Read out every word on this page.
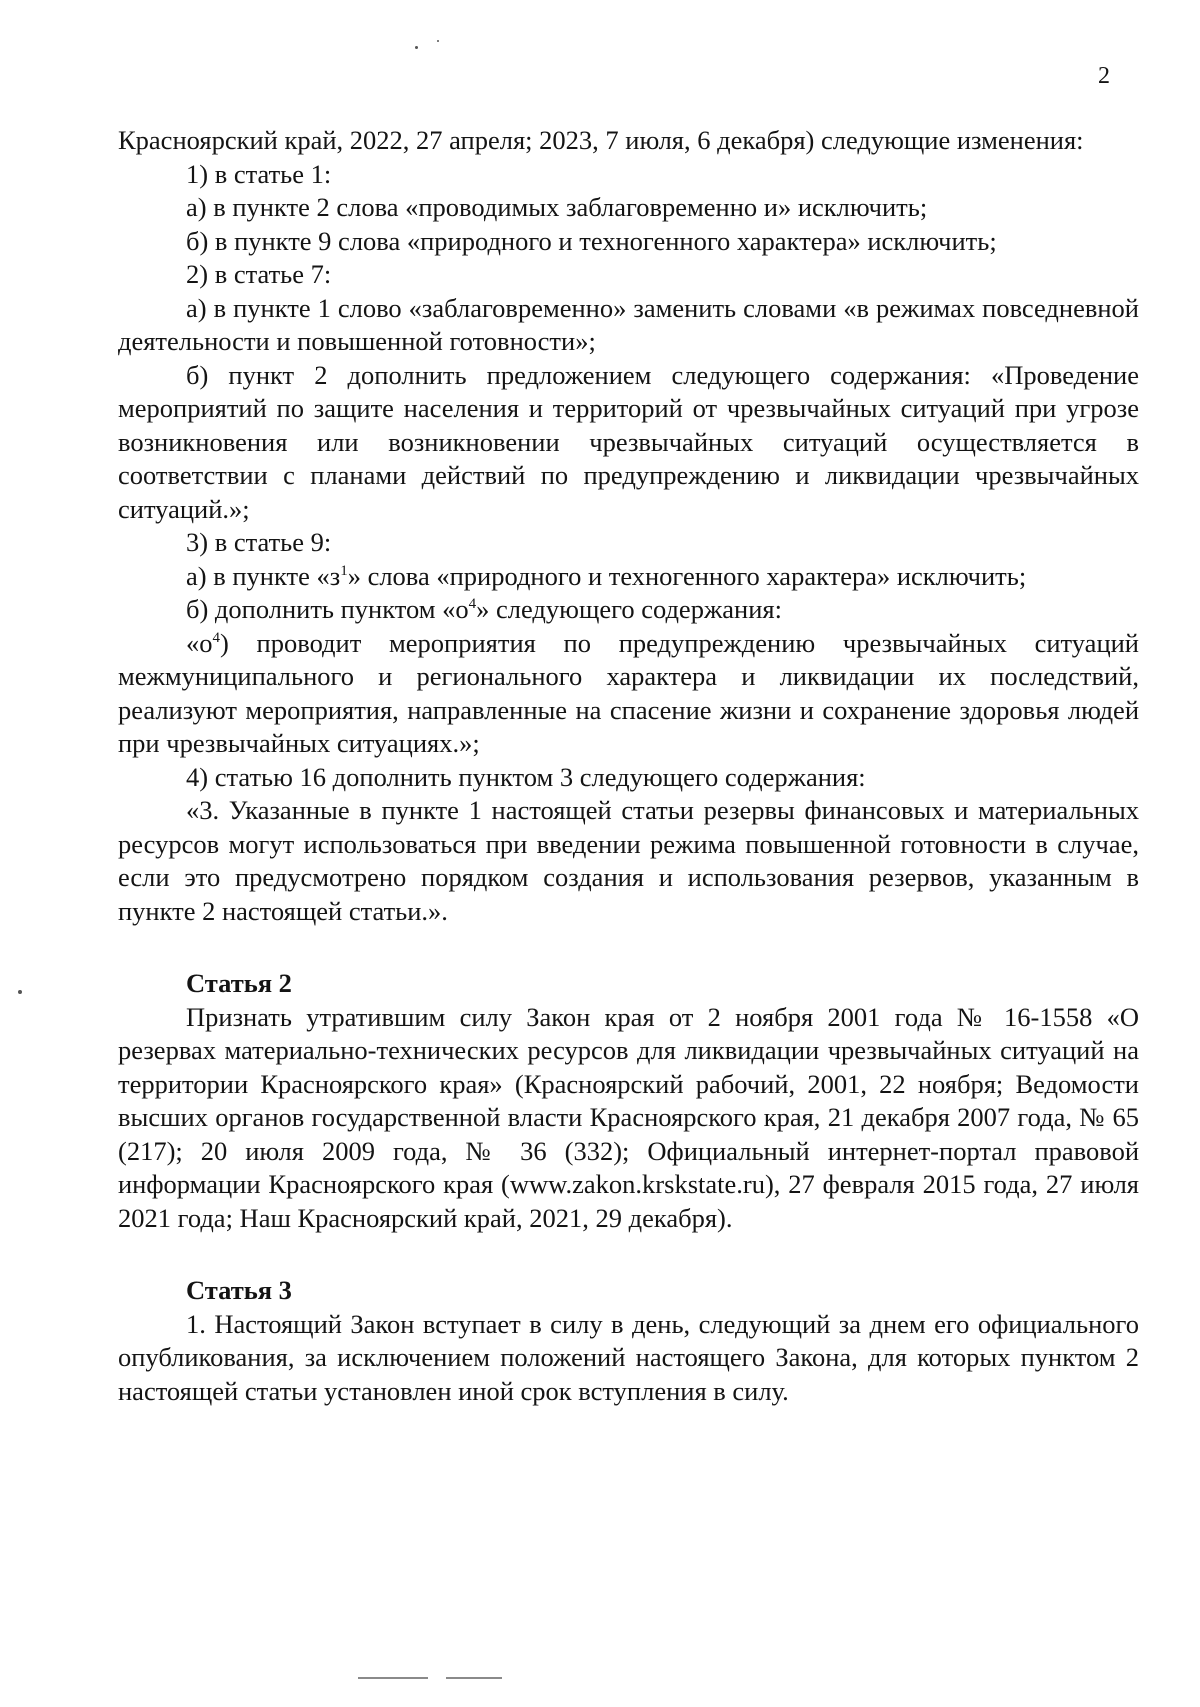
2

Красноярский край, 2022, 27 апреля; 2023, 7 июля, 6 декабря) следующие изменения:

1) в статье 1:

а) в пункте 2 слова «проводимых заблаговременно и» исключить;

б) в пункте 9 слова «природного и техногенного характера» исключить;

2) в статье 7:

а) в пункте 1 слово «заблаговременно» заменить словами «в режимах повседневной деятельности и повышенной готовности»;

б) пункт 2 дополнить предложением следующего содержания: «Проведение мероприятий по защите населения и территорий от чрезвычайных ситуаций при угрозе возникновения или возникновении чрезвычайных ситуаций осуществляется в соответствии с планами действий по предупреждению и ликвидации чрезвычайных ситуаций.»;

3) в статье 9:

а) в пункте «$з^1$» слова «природного и техногенного характера» исключить;

б) дополнить пунктом «$о^4$» следующего содержания:

«$о^4$) проводит мероприятия по предупреждению чрезвычайных ситуаций межмуниципального и регионального характера и ликвидации их последствий, реализуют мероприятия, направленные на спасение жизни и сохранение здоровья людей при чрезвычайных ситуациях.»;

4) статью 16 дополнить пунктом 3 следующего содержания:

«3. Указанные в пункте 1 настоящей статьи резервы финансовых и материальных ресурсов могут использоваться при введении режима повышенной готовности в случае, если это предусмотрено порядком создания и использования резервов, указанным в пункте 2 настоящей статьи.».

Статья 2

Признать утратившим силу Закон края от 2 ноября 2001 года № 16-1558 «О резервах материально-технических ресурсов для ликвидации чрезвычайных ситуаций на территории Красноярского края» (Красноярский рабочий, 2001, 22 ноября; Ведомости высших органов государственной власти Красноярского края, 21 декабря 2007 года, № 65 (217); 20 июля 2009 года, № 36 (332); Официальный интернет-портал правовой информации Красноярского края (www.zakon.krskstate.ru), 27 февраля 2015 года, 27 июля 2021 года; Наш Красноярский край, 2021, 29 декабря).

Статья 3

1. Настоящий Закон вступает в силу в день, следующий за днем его официального опубликования, за исключением положений настоящего Закона, для которых пунктом 2 настоящей статьи установлен иной срок вступления в силу.
